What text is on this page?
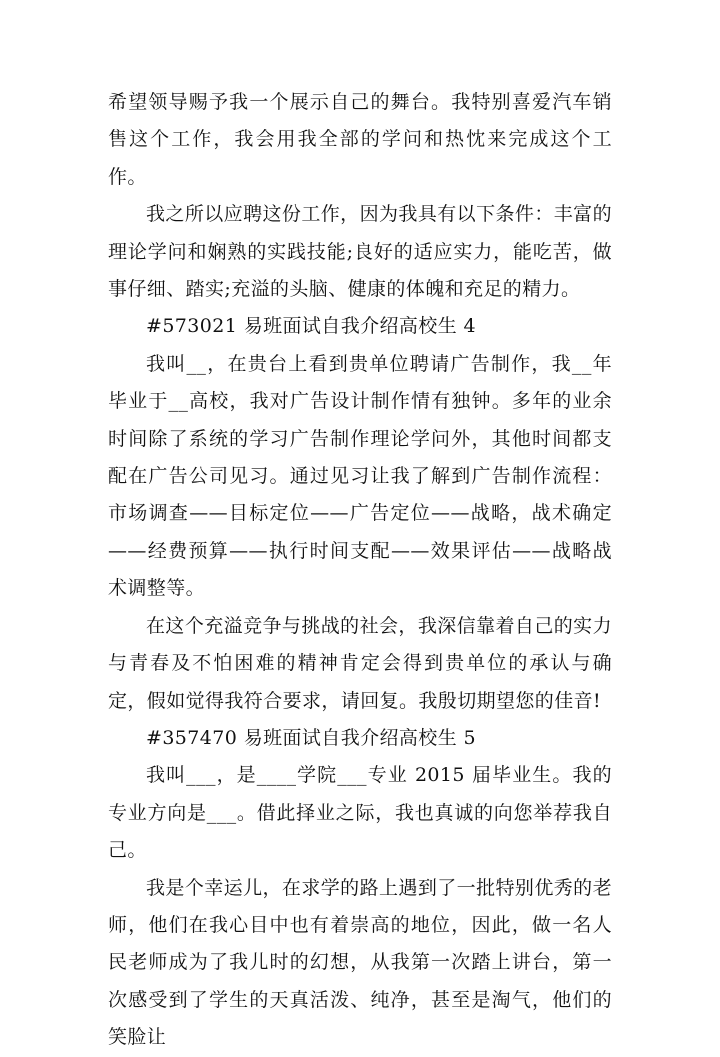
希望领导赐予我一个展示自己的舞台。我特别喜爱汽车销售这个工作，我会用我全部的学问和热忱来完成这个工作。

我之所以应聘这份工作，因为我具有以下条件：丰富的理论学问和娴熟的实践技能;良好的适应实力，能吃苦，做事仔细、踏实;充溢的头脑、健康的体魄和充足的精力。

#573021 易班面试自我介绍高校生 4

我叫__，在贵台上看到贵单位聘请广告制作，我__年毕业于__高校，我对广告设计制作情有独钟。多年的业余时间除了系统的学习广告制作理论学问外，其他时间都支配在广告公司见习。通过见习让我了解到广告制作流程：市场调查——目标定位——广告定位——战略，战术确定——经费预算——执行时间支配——效果评估——战略战术调整等。

在这个充溢竞争与挑战的社会，我深信靠着自己的实力与青春及不怕困难的精神肯定会得到贵单位的承认与确定，假如觉得我符合要求，请回复。我殷切期望您的佳音!

#357470 易班面试自我介绍高校生 5

我叫___，是____学院___专业 2015 届毕业生。我的专业方向是___。借此择业之际，我也真诚的向您举荐我自己。

我是个幸运儿，在求学的路上遇到了一批特别优秀的老师，他们在我心目中也有着崇高的地位，因此，做一名人民老师成为了我儿时的幻想，从我第一次踏上讲台，第一次感受到了学生的天真活泼、纯净，甚至是淘气，他们的笑脸让
